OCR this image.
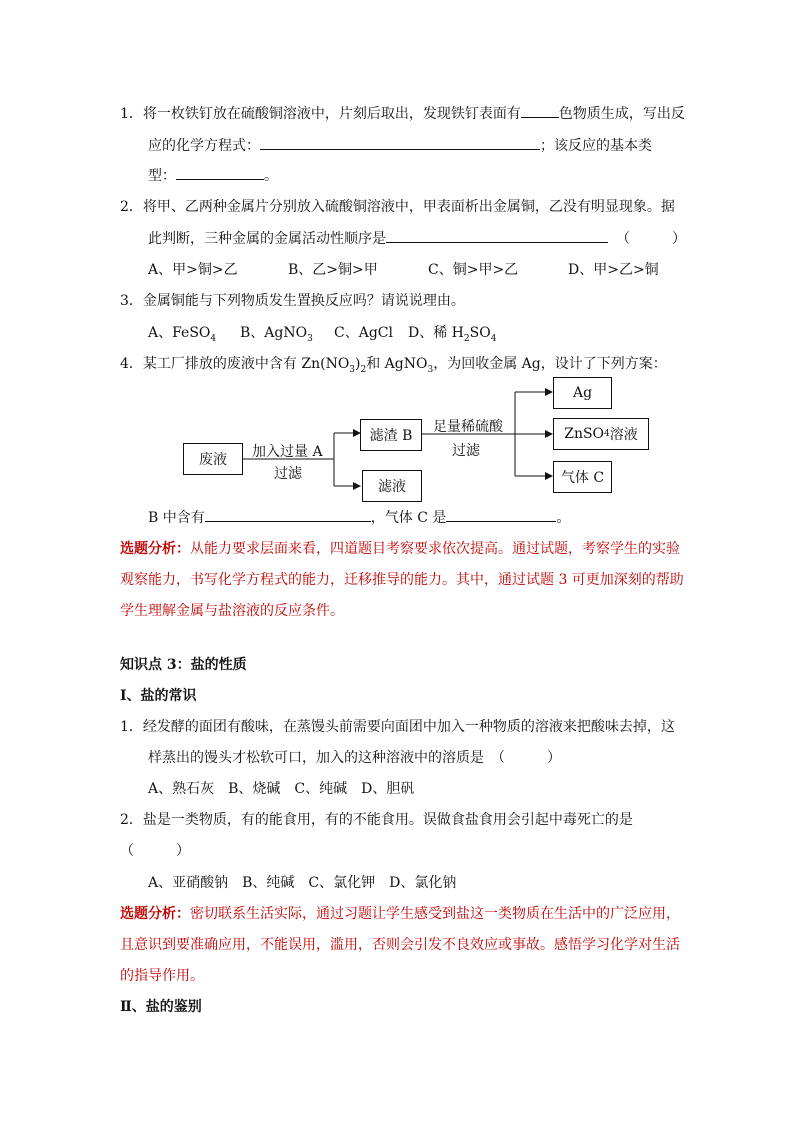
1．将一枚铁钉放在硫酸铜溶液中，片刻后取出，发现铁钉表面有	色物质生成，写出反
应的化学方程式：	；该反应的基本类
型：	。
2．将甲、乙两种金属片分别放入硫酸铜溶液中，甲表面析出金属铜，乙没有明显现象。据
此判断，三种金属的金属活动性顺序是	（　　　）
A、甲>铜>乙	B、乙>铜>甲	C、铜>甲>乙	D、甲>乙>铜
3．金属铜能与下列物质发生置换反应吗？请说说理由。
A、FeSO$_4$ B、AgNO$_3$ C、AgCl D、稀 $H_2SO_4$
4．某工厂排放的废液中含有 $Zn(NO_3)_2$和 AgNO$_3$，为回收金属 Ag，设计了下列方案：
废液	加入过量 A
过滤
滤渣 B
滤液
足量稀硫酸
过滤
Ag
ZnSO 4 溶液
气体 C
B 中含有	，气体 C 是	。
选题分析：从能力要求层面来看，四道题目考察要求依次提高。通过试题，考察学生的实验
观察能力，书写化学方程式的能力，迁移推导的能力。其中，通过试题 3 可更加深刻的帮助
学生理解金属与盐溶液的反应条件。
知识点 3：盐的性质
Ⅰ、盐的常识
1．经发酵的面团有酸味，在蒸馒头前需要向面团中加入一种物质的溶液来把酸味去掉，这
样蒸出的馒头才松软可口，加入的这种溶液中的溶质是　（　　　）
A、熟石灰　B、烧碱　C、纯碱　D、胆矾
2．盐是一类物质，有的能食用，有的不能食用。误做食盐食用会引起中毒死亡的是
（　　　）
A、亚硝酸钠　B、纯碱　C、氯化钾　D、氯化钠
选题分析：密切联系生活实际，通过习题让学生感受到盐这一类物质在生活中的广泛应用，
且意识到要准确应用，不能误用，滥用，否则会引发不良效应或事故。感悟学习化学对生活
的指导作用。
Ⅱ、盐的鉴别
